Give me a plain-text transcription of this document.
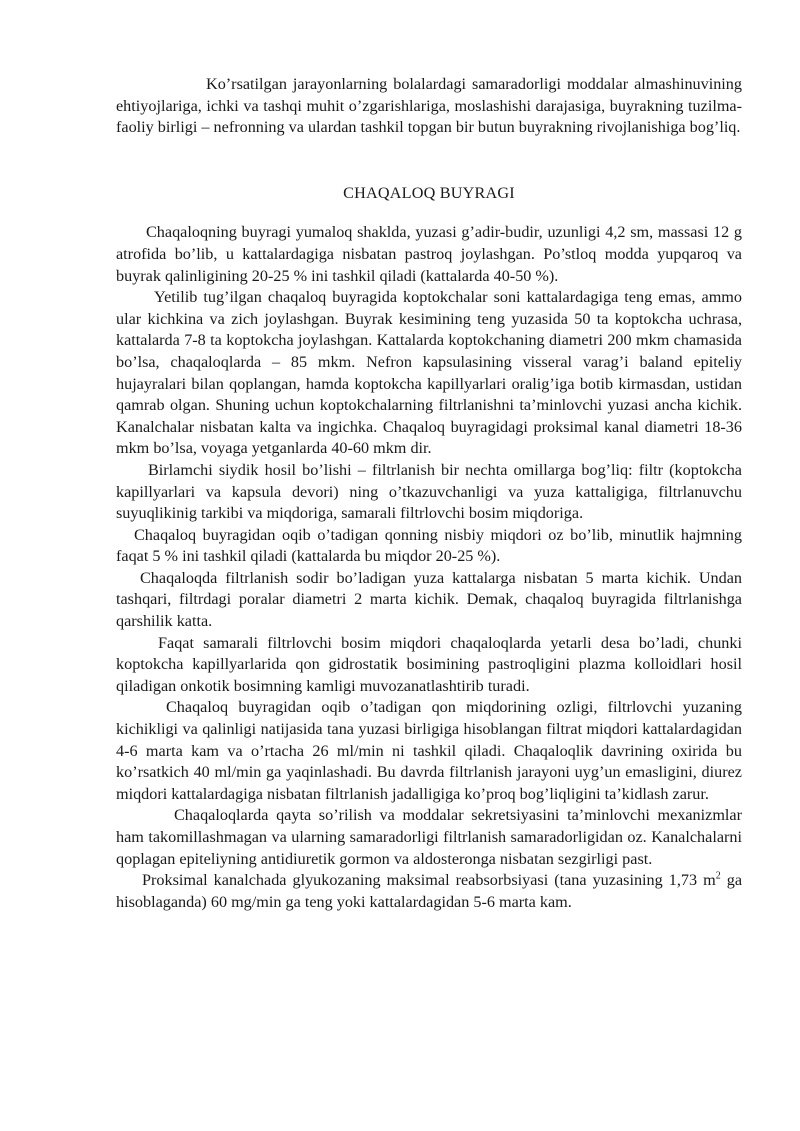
Ko’rsatilgan jarayonlarning bolalardagi samaradorligi moddalar almashinuvining ehtiyojlariga, ichki va tashqi muhit o’zgarishlariga, moslashishi darajasiga, buyrakning tuzilma-faoliy birligi – nefronning va ulardan tashkil topgan bir butun buyrakning rivojlanishiga bog’liq.

CHAQALOQ BUYRAGI

Chaqaloqning buyragi yumaloq shaklda, yuzasi g’adir-budir, uzunligi 4,2 sm, massasi 12 g atrofida bo’lib, u kattalardagiga nisbatan pastroq joylashgan. Po’stloq modda yupqaroq va buyrak qalinligining 20-25 % ini tashkil qiladi (kattalarda 40-50 %).

Yetilib tug’ilgan chaqaloq buyragida koptokchalar soni kattalardagiga teng emas, ammo ular kichkina va zich joylashgan. Buyrak kesimining teng yuzasida 50 ta koptokcha uchrasa, kattalarda 7-8 ta koptokcha joylashgan. Kattalarda koptokchaning diametri 200 mkm chamasida bo’lsa, chaqaloqlarda – 85 mkm. Nefron kapsulasining visseral varag’i baland epiteliy hujayralari bilan qoplangan, hamda koptokcha kapillyarlari oralig’iga botib kirmasdan, ustidan qamrab olgan. Shuning uchun koptokchalarning filtrlanishni ta’minlovchi yuzasi ancha kichik. Kanalchalar nisbatan kalta va ingichka. Chaqaloq buyragidagi proksimal kanal diametri 18-36 mkm bo’lsa, voyaga yetganlarda 40-60 mkm dir.

Birlamchi siydik hosil bo’lishi – filtrlanish bir nechta omillarga bog’liq: filtr (koptokcha kapillyarlari va kapsula devori) ning o’tkazuvchanligi va yuza kattaligiga, filtrlanuvchu suyuqlikinig tarkibi va miqdoriga, samarali filtrlovchi bosim miqdoriga.

Chaqaloq buyragidan oqib o’tadigan qonning nisbiy miqdori oz bo’lib, minutlik hajmning faqat 5 % ini tashkil qiladi (kattalarda bu miqdor 20-25 %).

Chaqaloqda filtrlanish sodir bo’ladigan yuza kattalarga nisbatan 5 marta kichik. Undan tashqari, filtrdagi poralar diametri 2 marta kichik. Demak, chaqaloq buyragida filtrlanishga qarshilik katta.

Faqat samarali filtrlovchi bosim miqdori chaqaloqlarda yetarli desa bo’ladi, chunki koptokcha kapillyarlarida qon gidrostatik bosimining pastroqligini plazma kolloidlari hosil qiladigan onkotik bosimning kamligi muvozanatlashtirib turadi.

Chaqaloq buyragidan oqib o’tadigan qon miqdorining ozligi, filtrlovchi yuzaning kichikligi va qalinligi natijasida tana yuzasi birligiga hisoblangan filtrat miqdori kattalardagidan 4-6 marta kam va o’rtacha 26 ml/min ni tashkil qiladi. Chaqaloqlik davrining oxirida bu ko’rsatkich 40 ml/min ga yaqinlashadi. Bu davrda filtrlanish jarayoni uyg’un emasligini, diurez miqdori kattalardagiga nisbatan filtrlanish jadalligiga ko’proq bog’liqligini ta’kidlash zarur.

Chaqaloqlarda qayta so’rilish va moddalar sekretsiyasini ta’minlovchi mexanizmlar ham takomillashmagan va ularning samaradorligi filtrlanish samaradorligidan oz. Kanalchalarni qoplagan epiteliyning antidiuretik gormon va aldosteronga nisbatan sezgirligi past.

Proksimal kanalchada glyukozaning maksimal reabsorbsiyasi (tana yuzasining 1,73 $m^2$ ga hisoblaganda) 60 mg/min ga teng yoki kattalardagidan 5-6 marta kam.
